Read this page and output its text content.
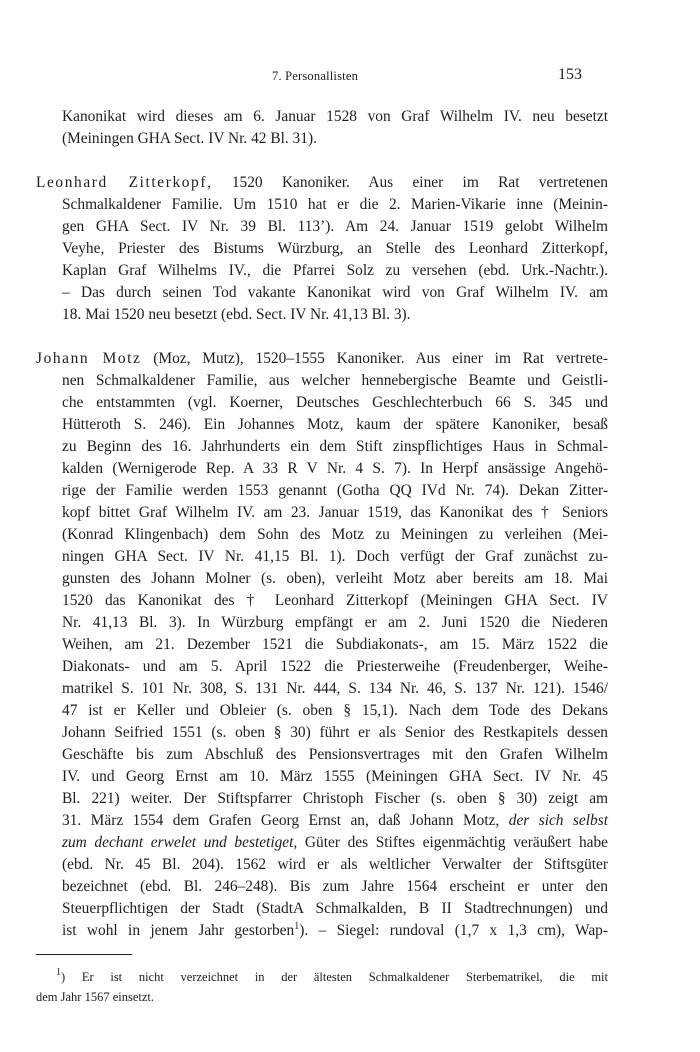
7. Personallisten	153
Kanonikat wird dieses am 6. Januar 1528 von Graf Wilhelm IV. neu besetzt
(Meiningen GHA Sect. IV Nr. 42 Bl. 31).
Leonhard Zitterkopf, 1520 Kanoniker. Aus einer im Rat vertretenen
Schmalkaldener Familie. Um 1510 hat er die 2. Marien-Vikarie inne (Meinin-
gen GHA Sect. IV Nr. 39 Bl. 113’). Am 24. Januar 1519 gelobt Wilhelm
Veyhe, Priester des Bistums Würzburg, an Stelle des Leonhard Zitterkopf,
Kaplan Graf Wilhelms IV., die Pfarrei Solz zu versehen (ebd. Urk.-Nachtr.).
– Das durch seinen Tod vakante Kanonikat wird von Graf Wilhelm IV. am
18. Mai 1520 neu besetzt (ebd. Sect. IV Nr. 41,13 Bl. 3).
Johann Motz (Moz, Mutz), 1520–1555 Kanoniker. Aus einer im Rat vertrete-
nen Schmalkaldener Familie, aus welcher hennebergische Beamte und Geistli-
che entstammten (vgl. Koerner, Deutsches Geschlechterbuch 66 S. 345 und
Hütteroth S. 246). Ein Johannes Motz, kaum der spätere Kanoniker, besaß
zu Beginn des 16. Jahrhunderts ein dem Stift zinspflichtiges Haus in Schmal-
kalden (Wernigerode Rep. A 33 R V Nr. 4 S. 7). In Herpf ansässige Angehö-
rige der Familie werden 1553 genannt (Gotha QQ IVd Nr. 74). Dekan Zitter-
kopf bittet Graf Wilhelm IV. am 23. Januar 1519, das Kanonikat des † Seniors
(Konrad Klingenbach) dem Sohn des Motz zu Meiningen zu verleihen (Mei-
ningen GHA Sect. IV Nr. 41,15 Bl. 1). Doch verfügt der Graf zunächst zu-
gunsten des Johann Molner (s. oben), verleiht Motz aber bereits am 18. Mai
1520 das Kanonikat des † Leonhard Zitterkopf (Meiningen GHA Sect. IV
Nr. 41,13 Bl. 3). In Würzburg empfängt er am 2. Juni 1520 die Niederen
Weihen, am 21. Dezember 1521 die Subdiakonats-, am 15. März 1522 die
Diakonats- und am 5. April 1522 die Priesterweihe (Freudenberger, Weihe-
matrikel S. 101 Nr. 308, S. 131 Nr. 444, S. 134 Nr. 46, S. 137 Nr. 121). 1546/
47 ist er Keller und Obleier (s. oben § 15,1). Nach dem Tode des Dekans
Johann Seifried 1551 (s. oben § 30) führt er als Senior des Restkapitels dessen
Geschäfte bis zum Abschluß des Pensionsvertrages mit den Grafen Wilhelm
IV. und Georg Ernst am 10. März 1555 (Meiningen GHA Sect. IV Nr. 45
Bl. 221) weiter. Der Stiftspfarrer Christoph Fischer (s. oben § 30) zeigt am
31. März 1554 dem Grafen Georg Ernst an, daß Johann Motz, der sich selbst
zum dechant erwelet und bestetiget, Güter des Stiftes eigenmächtig veräußert habe
(ebd. Nr. 45 Bl. 204). 1562 wird er als weltlicher Verwalter der Stiftsgüter
bezeichnet (ebd. Bl. 246–248). Bis zum Jahre 1564 erscheint er unter den
Steuerpflichtigen der Stadt (StadtA Schmalkalden, B II Stadtrechnungen) und
ist wohl in jenem Jahr gestorben$^1$). – Siegel: rundoval (1,7 x 1,3 cm), Wap-
$^1$) Er ist nicht verzeichnet in der ältesten Schmalkaldener Sterbematrikel, die mit
dem Jahr 1567 einsetzt.
